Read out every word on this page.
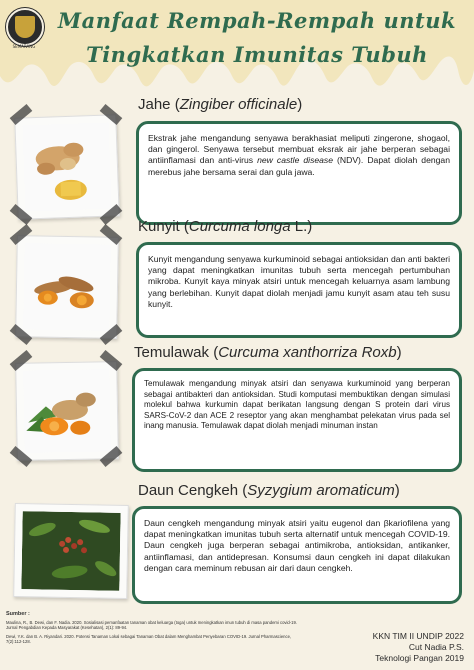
SEMARANG
Manfaat Rempah-Rempah untuk
Tingkatkan Imunitas Tubuh
Jahe (Zingiber officinale)
Ekstrak jahe mengandung senyawa berakhasiat meliputi zingerone, shogaol, dan gingerol. Senyawa tersebut membuat eksrak air jahe berperan sebagai antiinflamasi dan anti-virus new castle disease (NDV). Dapat diolah dengan merebus jahe bersama serai dan gula jawa.
Kunyit (Curcuma longa L.)
Kunyit mengandung senyawa kurkuminoid sebagai antioksidan dan anti bakteri yang dapat meningkatkan imunitas tubuh serta mencegah pertumbuhan mikroba. Kunyit kaya minyak atsiri untuk mencegah keluarnya asam lambung yang berlebihan. Kunyit dapat diolah menjadi jamu kunyit asam atau teh susu kunyit.
Temulawak (Curcuma xanthorriza Roxb)
Temulawak mengandung minyak atsiri dan senyawa kurkuminoid yang berperan sebagai antibakteri dan antioksidan. Studi komputasi membuktikan dengan simulasi molekul bahwa kurkumin dapat berikatan langsung dengan S protein dari virus SARS-CoV-2 dan ACE 2 reseptor yang akan menghambat pelekatan virus pada sel inang manusia. Temulawak dapat diolah menjadi minuman instan
Daun Cengkeh (Syzygium aromaticum)
Daun cengkeh mengandung minyak atsiri yaitu eugenol dan βkariofilena yang dapat meningkatkan imunitas tubuh serta alternatif untuk mencegah COVID-19. Daun cengkeh juga berperan sebagai antimikroba, antioksidan, antikanker, antiinflamasi, dan antidepresan. Konsumsi daun cengkeh ini dapat dilakukan dengan cara meminum rebusan air dari daun cengkeh.
Sumber :
Maulina, R., B. Dewi, dan F. Nadia. 2020. Sosialisasi pemanfaatan tanaman obat keluarga (toga) untuk meningkatkan imun tubuh di masa pandemi covid-19. Jurnal Pengabdian Kepada Masyarakat (Kesehatan), 2(1): 89-94.
Dewi, Y.K. dan B. A. Riyandari. 2020. Potensi Tanaman Lokal sebagai Tanaman Obat dalam Menghambat Penyebaran COVID-19. Jurnal Pharmascience, 7(2):112-128.
KKN TIM II UNDIP 2022
Cut Nadia P.S.
Teknologi Pangan 2019
